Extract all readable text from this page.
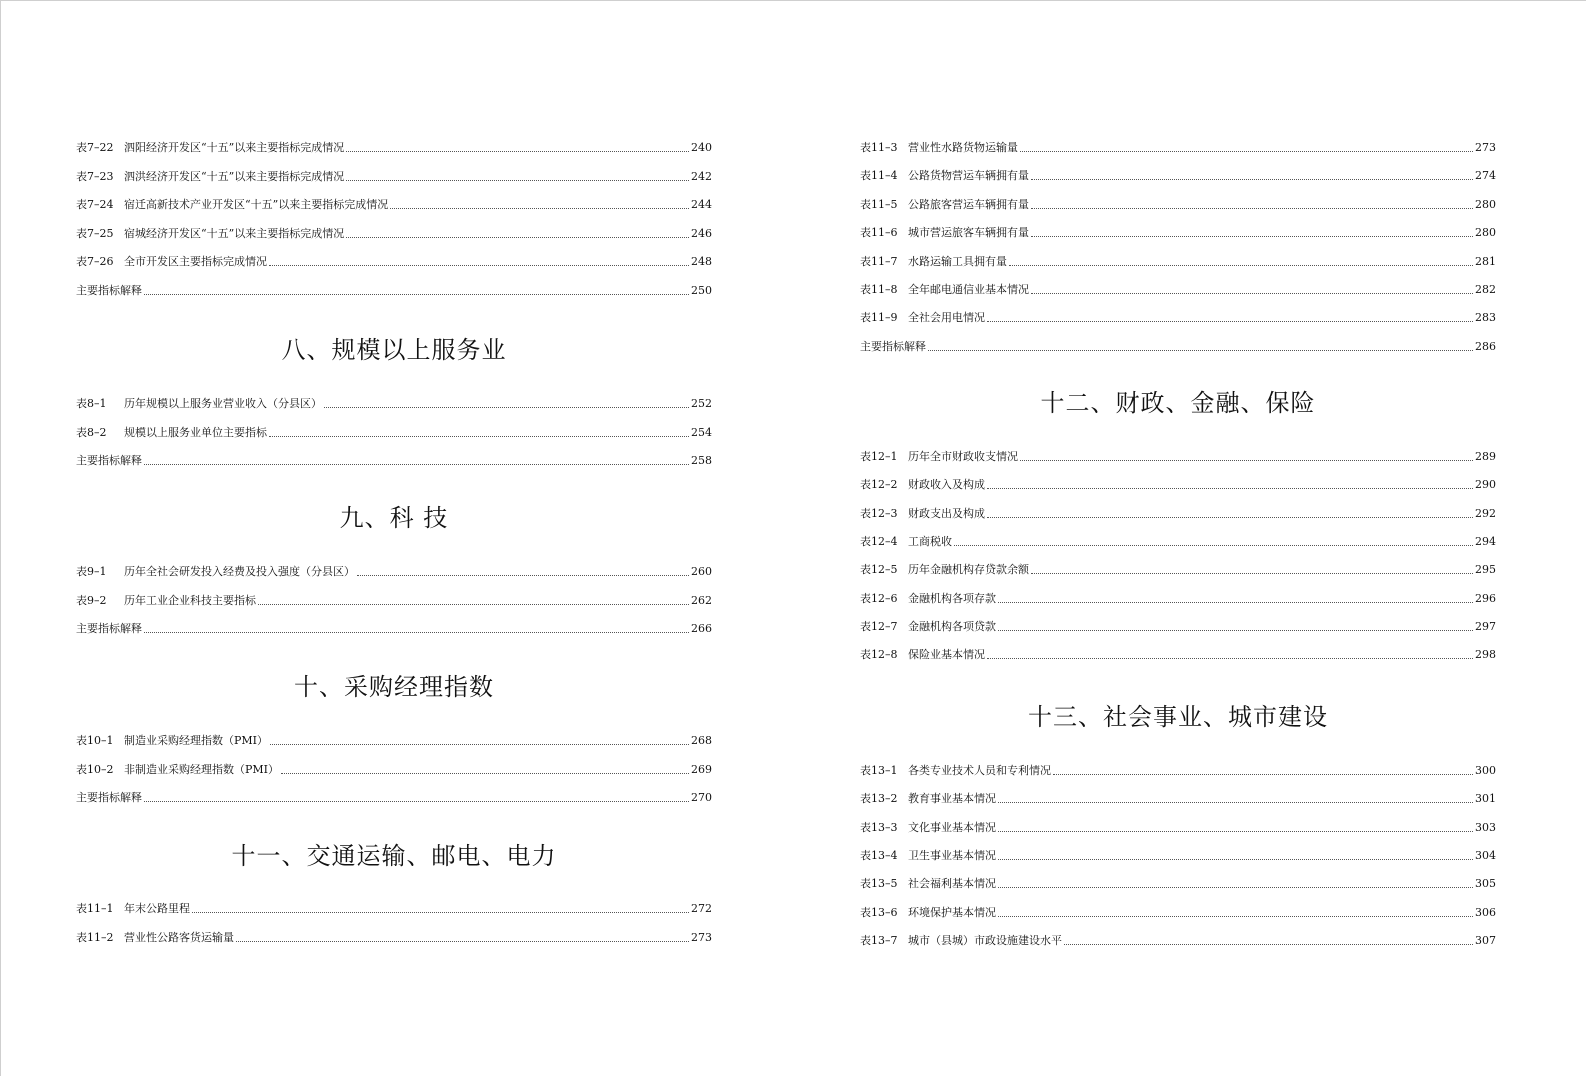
八、规模以上服务业
九、科 技
十、采购经理指数
十一、交通运输、邮电、电力
表7–22 泗阳经济开发区“十五”以来主要指标完成情况	240
表7–23 泗洪经济开发区“十五”以来主要指标完成情况	242
表7–24 宿迁高新技术产业开发区“十五”以来主要指标完成情况	244
表7–25 宿城经济开发区“十五”以来主要指标完成情况	246
表7–26 全市开发区主要指标完成情况	248
主要指标解释	250
表8–1	历年规模以上服务业营业收入（分县区）	252
表8–2	规模以上服务业单位主要指标	254
主要指标解释	258
表9–1	历年全社会研发投入经费及投入强度（分县区）	260
表9–2	历年工业企业科技主要指标	262
主要指标解释	266
表10–1 制造业采购经理指数（PMI）	268
表10–2 非制造业采购经理指数（PMI）	269
主要指标解释	270
表11–1 年末公路里程	272
表11–2 营业性公路客货运输量	273
十二、财政、金融、保险
十三、社会事业、城市建设
表11–3 营业性水路货物运输量	273
表11–4 公路货物营运车辆拥有量	274
表11–5 公路旅客营运车辆拥有量	280
表11–6 城市营运旅客车辆拥有量	280
表11–7 水路运输工具拥有量	281
表11–8 全年邮电通信业基本情况	282
表11–9 全社会用电情况	283
主要指标解释	286
表12–1 历年全市财政收支情况	289
表12–2 财政收入及构成	290
表12–3 财政支出及构成	292
表12–4 工商税收	294
表12–5 历年金融机构存贷款余额	295
表12–6 金融机构各项存款	296
表12–7 金融机构各项贷款	297
表12–8 保险业基本情况	298
表13–1 各类专业技术人员和专利情况	300
表13–2 教育事业基本情况	301
表13–3 文化事业基本情况	303
表13–4 卫生事业基本情况	304
表13–5 社会福利基本情况	305
表13–6 环境保护基本情况	306
表13–7 城市（县城）市政设施建设水平	307
